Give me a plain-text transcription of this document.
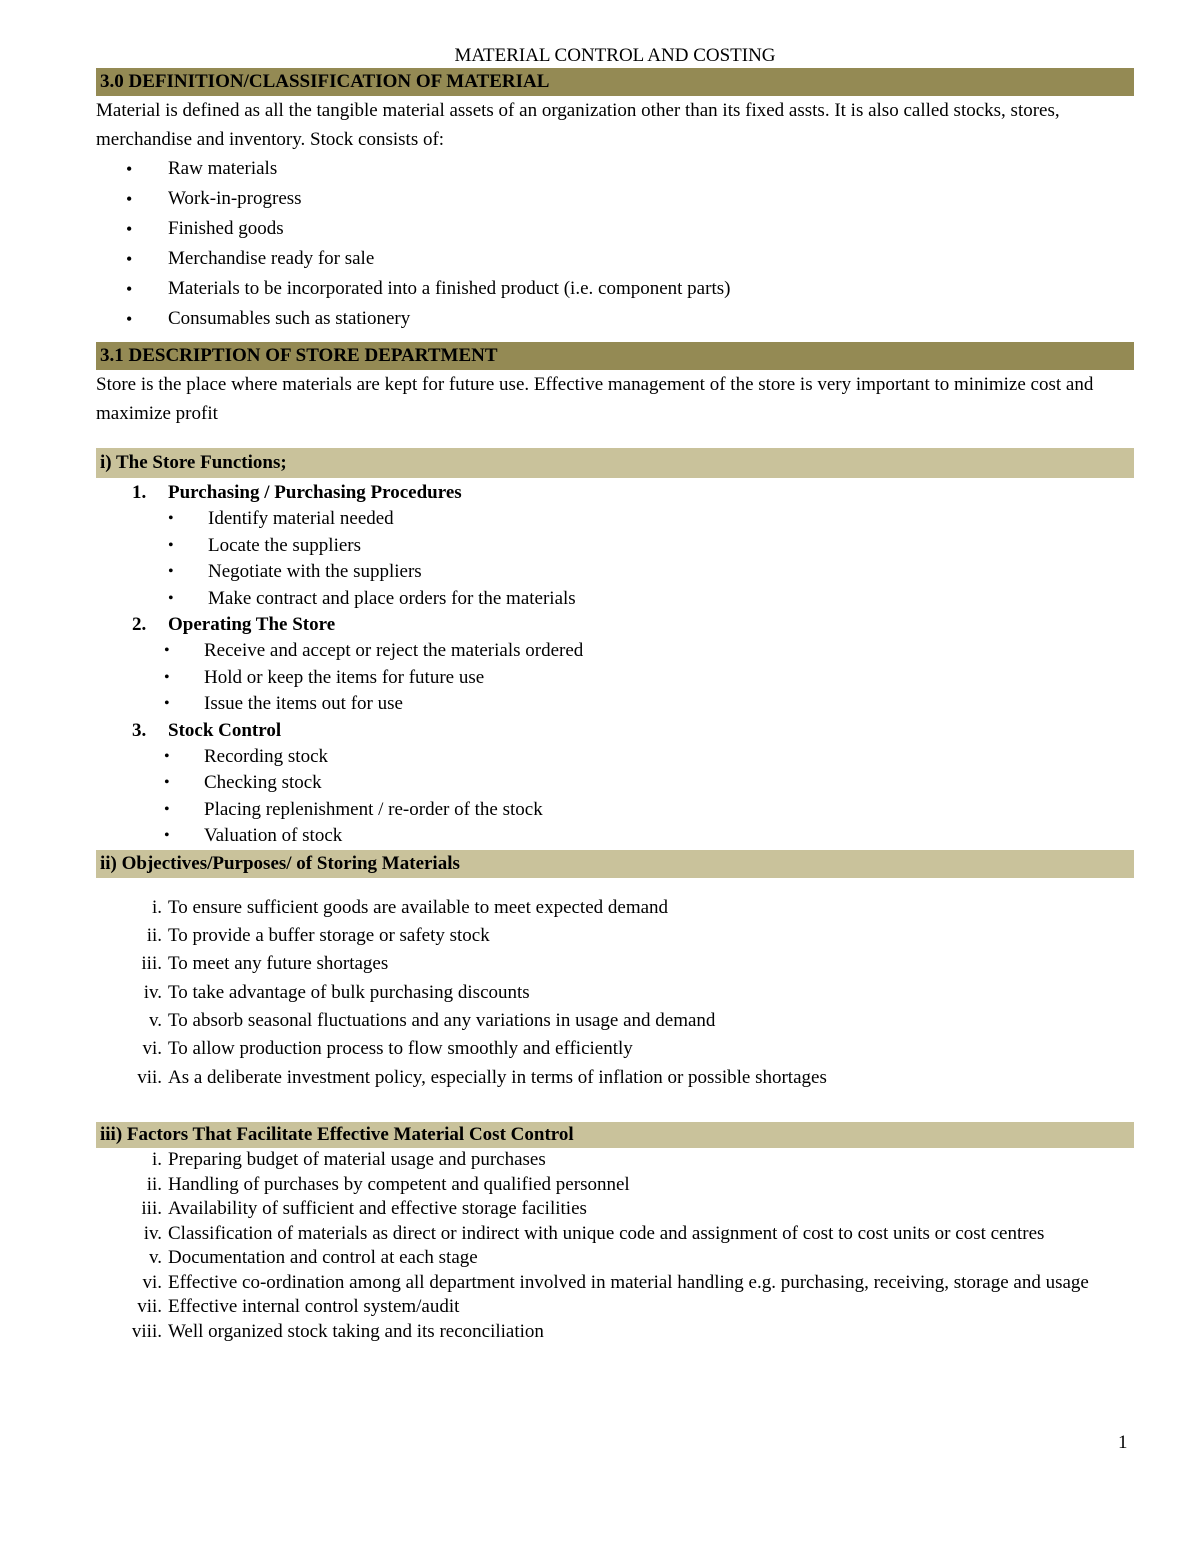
MATERIAL CONTROL AND COSTING
3.0 DEFINITION/CLASSIFICATION OF MATERIAL
Material is defined as all the tangible material assets of an organization other than its fixed assts. It is also called stocks, stores, merchandise and inventory. Stock consists of:
• Raw materials
• Work-in-progress
• Finished goods
• Merchandise ready for sale
• Materials to be incorporated into a finished product (i.e. component parts)
• Consumables such as stationery
3.1 DESCRIPTION OF STORE DEPARTMENT
Store is the place where materials are kept for future use. Effective management of the store is very important to minimize cost and maximize profit
i) The Store Functions;
1. Purchasing / Purchasing Procedures
• Identify material needed
• Locate the suppliers
• Negotiate with the suppliers
• Make contract and place orders for the materials
2. Operating The Store
• Receive and accept or reject the materials ordered
• Hold or keep the items for future use
• Issue the items out for use
3. Stock Control
• Recording stock
• Checking stock
• Placing replenishment / re-order of the stock
• Valuation of stock
ii) Objectives/Purposes/ of Storing Materials
i. To ensure sufficient goods are available to meet expected demand
ii. To provide a buffer storage or safety stock
iii. To meet any future shortages
iv. To take advantage of bulk purchasing discounts
v. To absorb seasonal fluctuations and any variations in usage and demand
vi. To allow production process to flow smoothly and efficiently
vii. As a deliberate investment policy, especially in terms of inflation or possible shortages
iii) Factors That Facilitate Effective Material Cost Control
i. Preparing budget of material usage and purchases
ii. Handling of purchases by competent and qualified personnel
iii. Availability of sufficient and effective storage facilities
iv. Classification of materials as direct or indirect with unique code and assignment of cost to cost units or cost centres
v. Documentation and control at each stage
vi. Effective co-ordination among all department involved in material handling e.g. purchasing, receiving, storage and usage
vii. Effective internal control system/audit
viii. Well organized stock taking and its reconciliation
1
